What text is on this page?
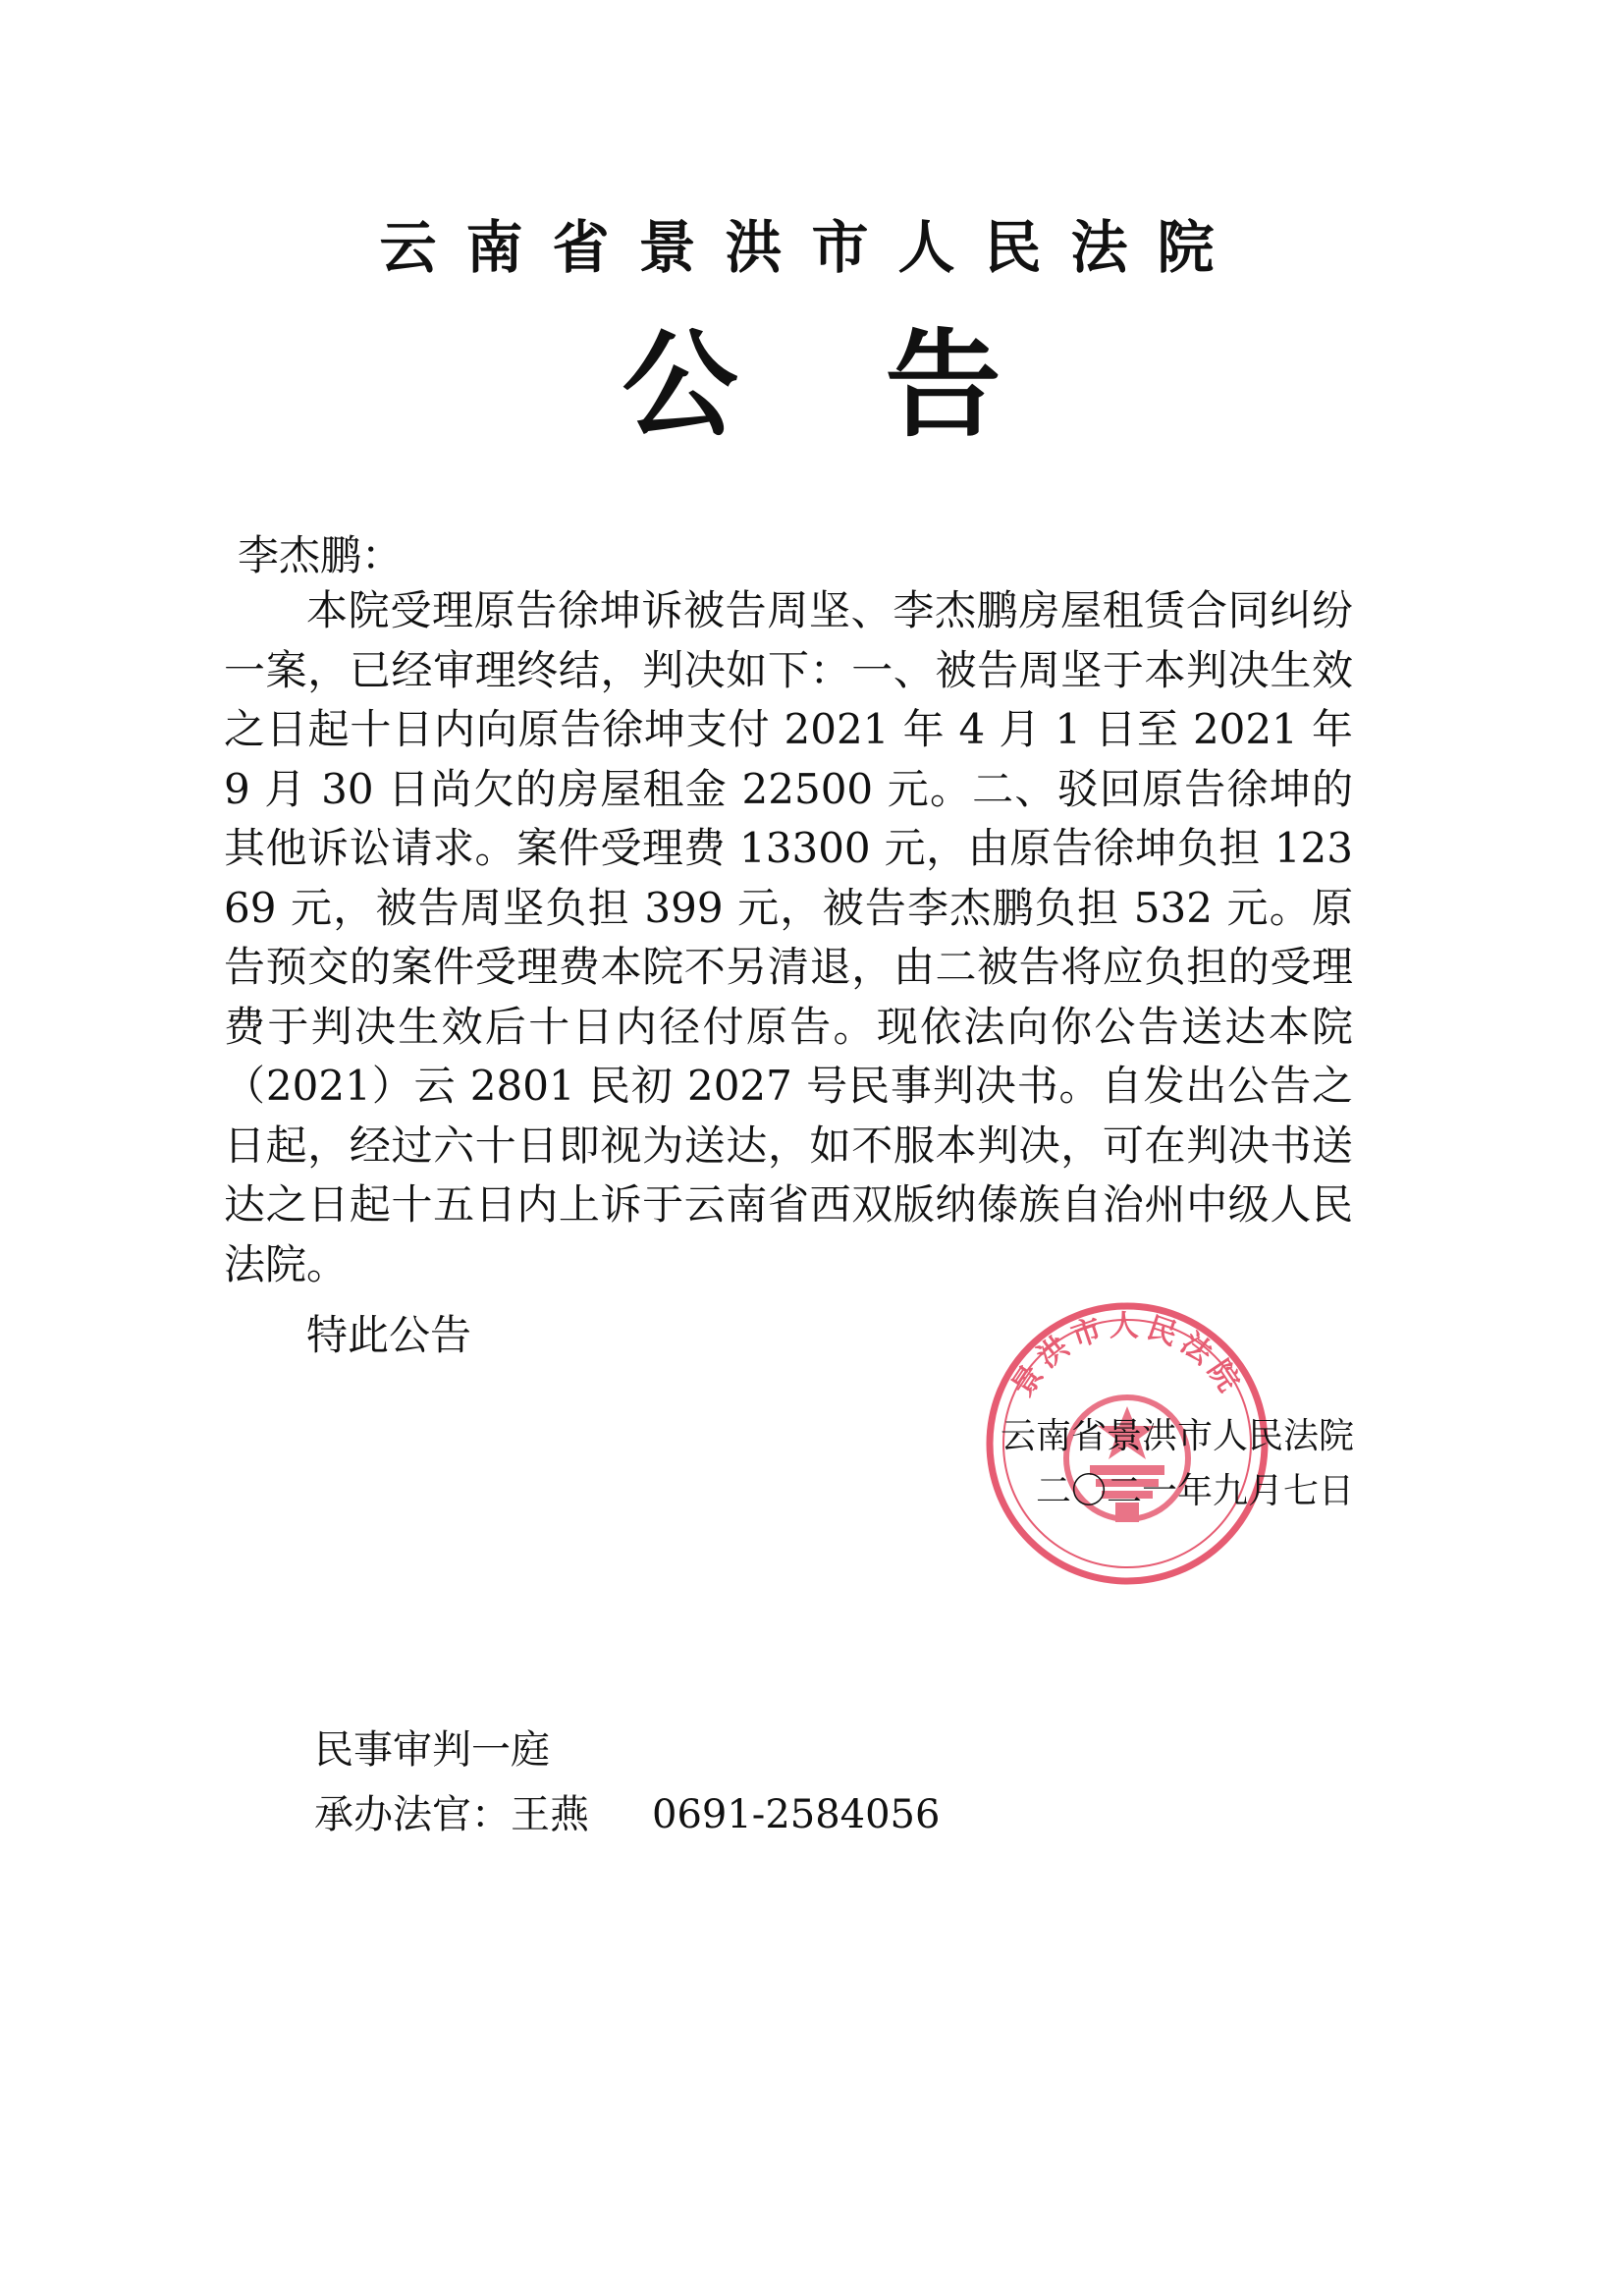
云南省景洪市人民法院
公告
李杰鹏：

本院受理原告徐坤诉被告周坚、李杰鹏房屋租赁合同纠纷一案，已经审理终结，判决如下：一、被告周坚于本判决生效之日起十日内向原告徐坤支付 2021 年 4 月 1 日至 2021 年 9 月 30 日尚欠的房屋租金 22500 元。二、驳回原告徐坤的其他诉讼请求。案件受理费 13300 元，由原告徐坤负担 12369 元，被告周坚负担 399 元，被告李杰鹏负担 532 元。原告预交的案件受理费本院不另清退，由二被告将应负担的受理费于判决生效后十日内径付原告。现依法向你公告送达本院（2021）云 2801 民初 2027 号民事判决书。自发出公告之日起，经过六十日即视为送达，如不服本判决，可在判决书送达之日起十五日内上诉于云南省西双版纳傣族自治州中级人民法院。

特此公告
景洪市人民法院
云南省景洪市人民法院
二〇二一年九月七日
民事审判一庭
承办法官：王燕 0691-2584056
